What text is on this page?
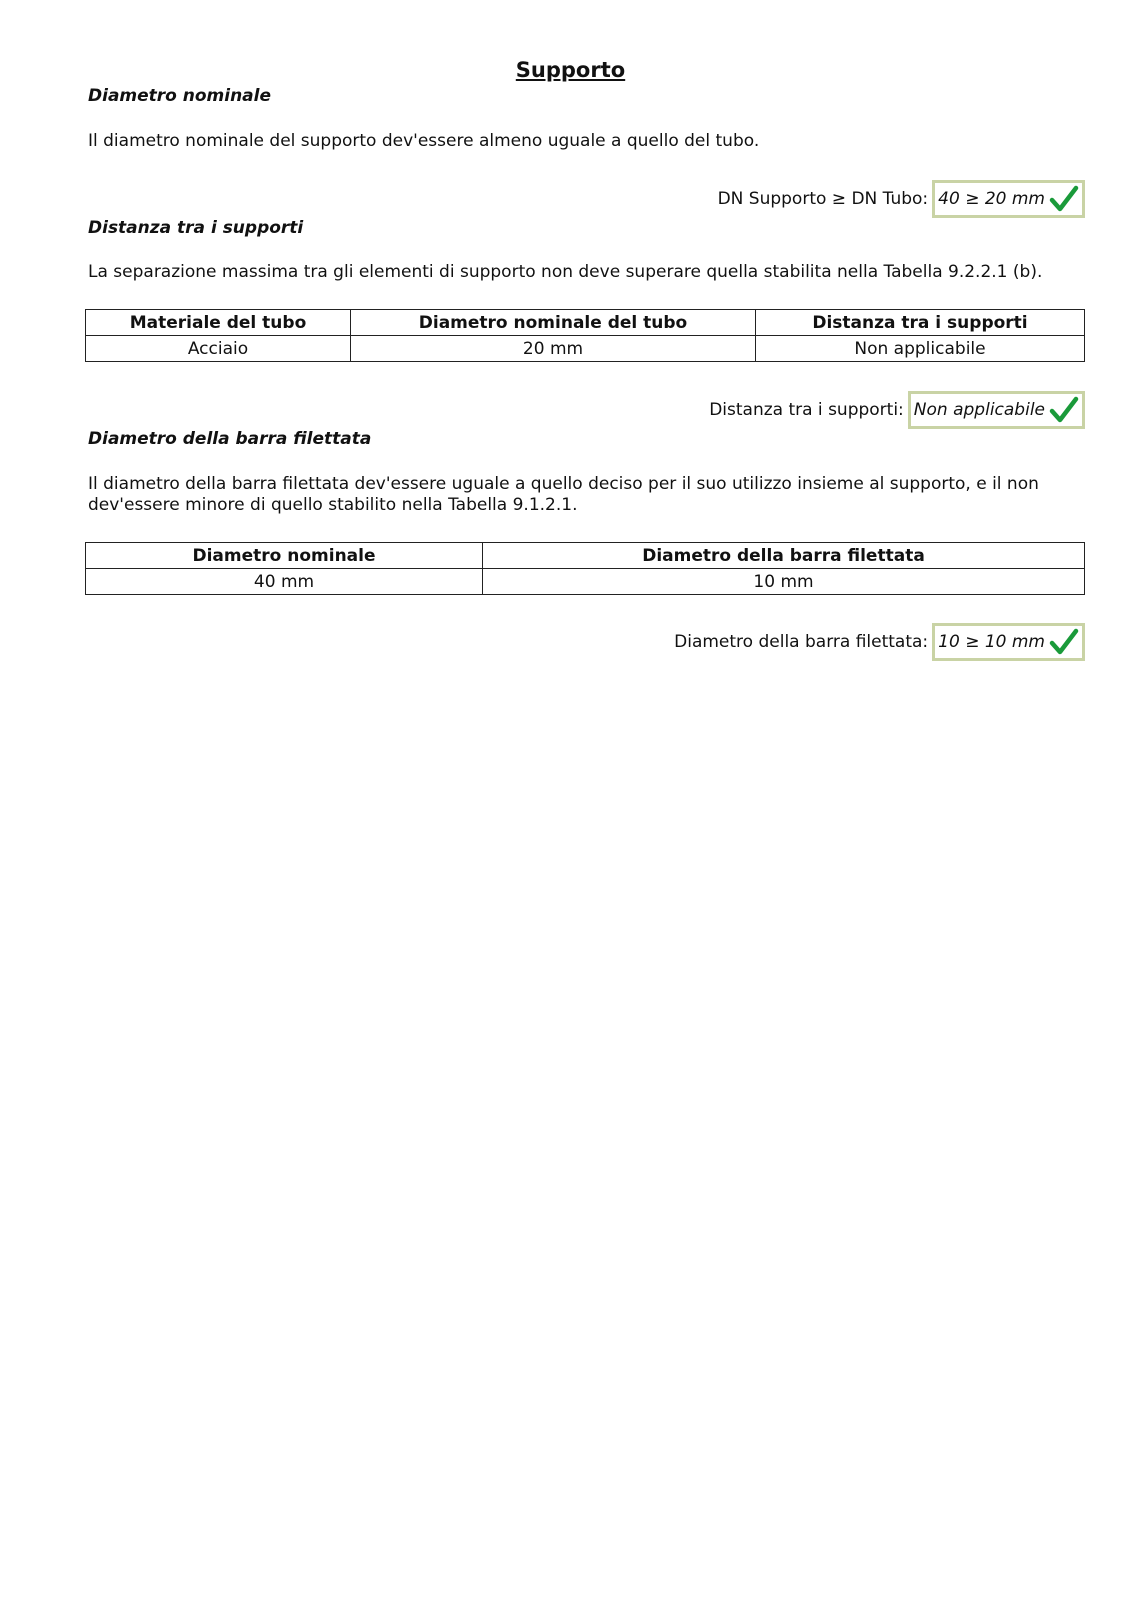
Supporto
Diametro nominale
Il diametro nominale del supporto dev'essere almeno uguale a quello del tubo.
DN Supporto ≥ DN Tubo: 40 ≥ 20 mm
Distanza tra i supporti
La separazione massima tra gli elementi di supporto non deve superare quella stabilita nella Tabella 9.2.2.1 (b).
Materiale del tubo	Diametro nominale del tubo	Distanza tra i supporti
Acciaio	20 mm	Non applicabile
Distanza tra i supporti: Non applicabile
Diametro della barra filettata
Il diametro della barra filettata dev'essere uguale a quello deciso per il suo utilizzo insieme al supporto, e il non dev'essere minore di quello stabilito nella Tabella 9.1.2.1.
Diametro nominale	Diametro della barra filettata
40 mm	10 mm
Diametro della barra filettata: 10 ≥ 10 mm
